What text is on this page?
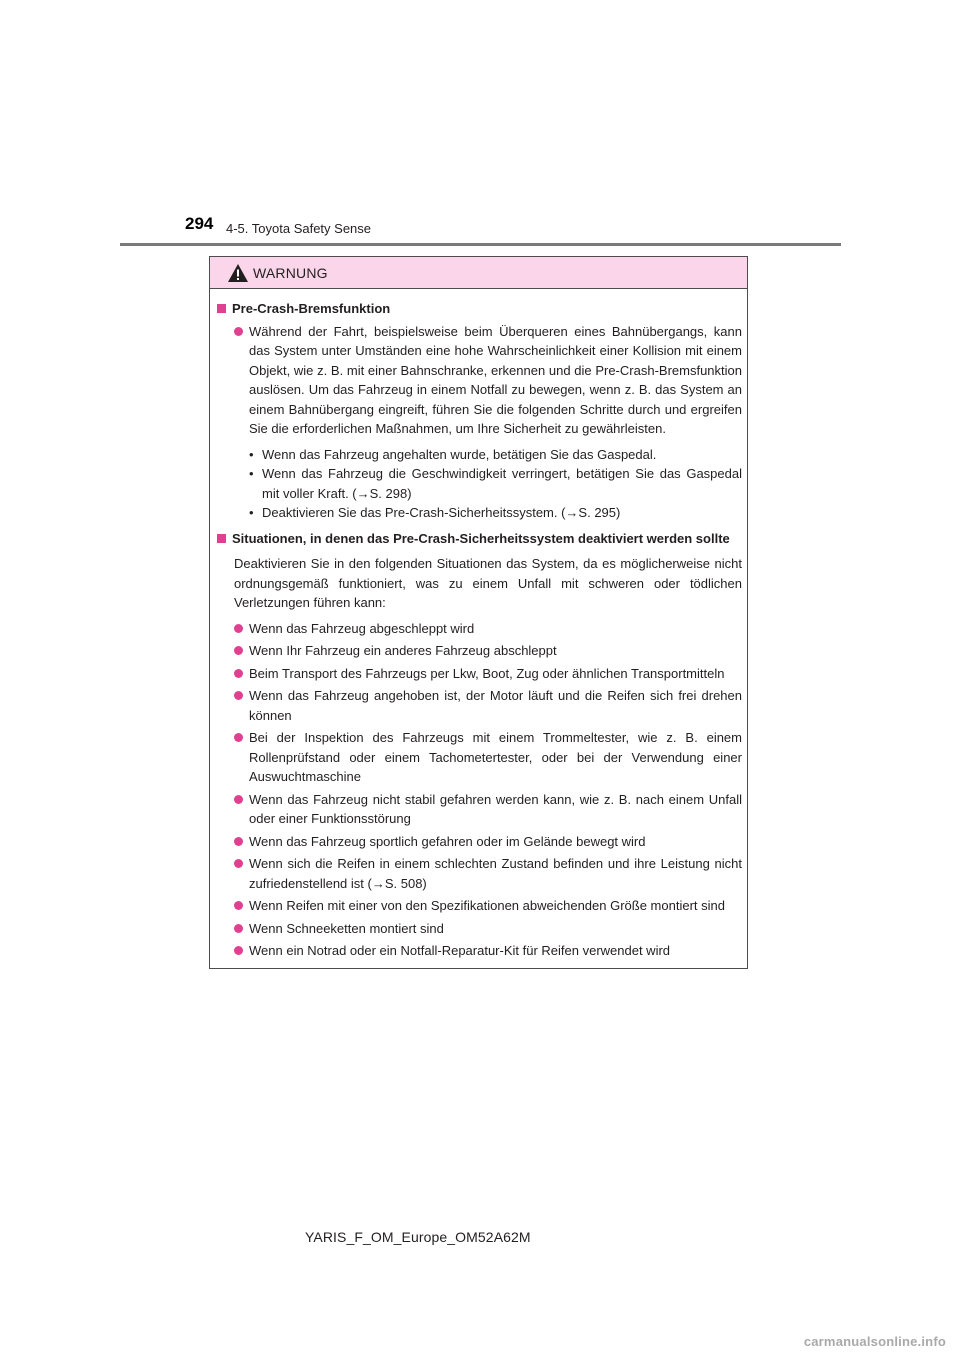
294 4-5. Toyota Safety Sense
WARNUNG
Pre-Crash-Bremsfunktion
Während der Fahrt, beispielsweise beim Überqueren eines Bahnübergangs, kann das System unter Umständen eine hohe Wahrscheinlichkeit einer Kollision mit einem Objekt, wie z. B. mit einer Bahnschranke, erkennen und die Pre-Crash-Bremsfunktion auslösen. Um das Fahrzeug in einem Notfall zu bewegen, wenn z. B. das System an einem Bahnübergang eingreift, führen Sie die folgenden Schritte durch und ergreifen Sie die erforderlichen Maßnahmen, um Ihre Sicherheit zu gewährleisten.
• Wenn das Fahrzeug angehalten wurde, betätigen Sie das Gaspedal.
• Wenn das Fahrzeug die Geschwindigkeit verringert, betätigen Sie das Gaspedal mit voller Kraft. (→S. 298)
• Deaktivieren Sie das Pre-Crash-Sicherheitssystem. (→S. 295)
Situationen, in denen das Pre-Crash-Sicherheitssystem deaktiviert werden sollte
Deaktivieren Sie in den folgenden Situationen das System, da es möglicherweise nicht ordnungsgemäß funktioniert, was zu einem Unfall mit schweren oder tödlichen Verletzungen führen kann:
Wenn das Fahrzeug abgeschleppt wird
Wenn Ihr Fahrzeug ein anderes Fahrzeug abschleppt
Beim Transport des Fahrzeugs per Lkw, Boot, Zug oder ähnlichen Transportmitteln
Wenn das Fahrzeug angehoben ist, der Motor läuft und die Reifen sich frei drehen können
Bei der Inspektion des Fahrzeugs mit einem Trommeltester, wie z. B. einem Rollenprüfstand oder einem Tachometertester, oder bei der Verwendung einer Auswuchtmaschine
Wenn das Fahrzeug nicht stabil gefahren werden kann, wie z. B. nach einem Unfall oder einer Funktionsstörung
Wenn das Fahrzeug sportlich gefahren oder im Gelände bewegt wird
Wenn sich die Reifen in einem schlechten Zustand befinden und ihre Leistung nicht zufriedenstellend ist (→S. 508)
Wenn Reifen mit einer von den Spezifikationen abweichenden Größe montiert sind
Wenn Schneeketten montiert sind
Wenn ein Notrad oder ein Notfall-Reparatur-Kit für Reifen verwendet wird
YARIS_F_OM_Europe_OM52A62M
carmanualsonline.info
